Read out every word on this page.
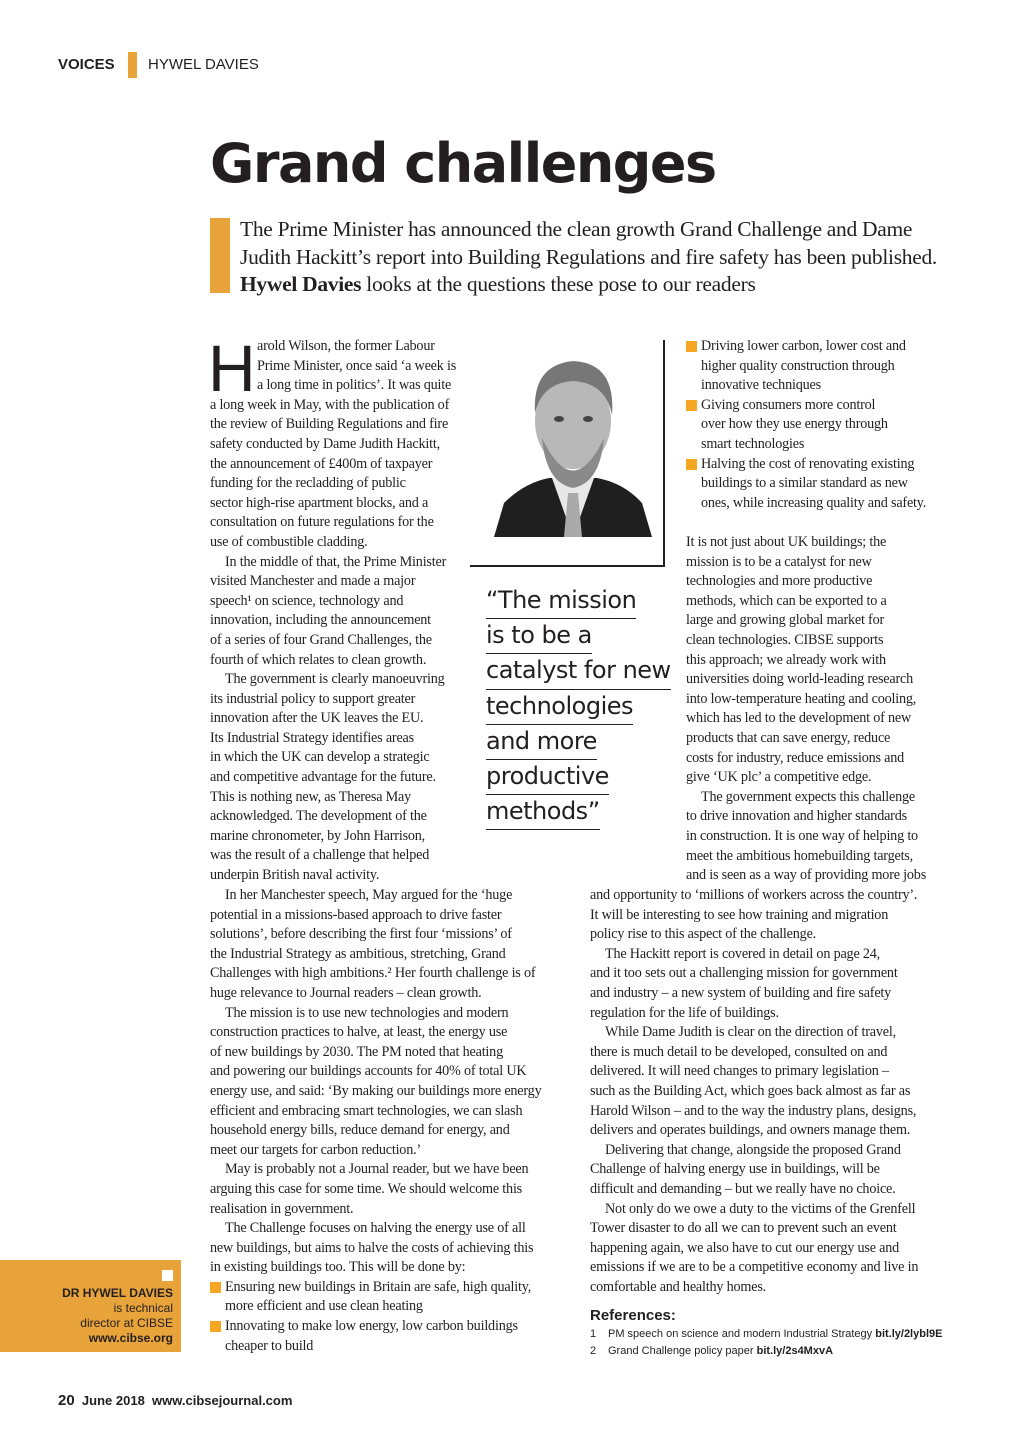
VOICES HYWEL DAVIES
Grand challenges
The Prime Minister has announced the clean growth Grand Challenge and Dame Judith Hackitt’s report into Building Regulations and fire safety has been published. Hywel Davies looks at the questions these pose to our readers
H arold Wilson, the former Labour
Prime Minister, once said ‘a week is
a long time in politics’. It was quite
a long week in May, with the publication of
the review of Building Regulations and fire
safety conducted by Dame Judith Hackitt,
the announcement of £400m of taxpayer
funding for the recladding of public
sector high-rise apartment blocks, and a
consultation on future regulations for the
use of combustible cladding.
In the middle of that, the Prime Minister
visited Manchester and made a major
speech¹ on science, technology and
innovation, including the announcement
of a series of four Grand Challenges, the
fourth of which relates to clean growth.
The government is clearly manoeuvring
its industrial policy to support greater
innovation after the UK leaves the EU.
Its Industrial Strategy identifies areas
in which the UK can develop a strategic
and competitive advantage for the future.
This is nothing new, as Theresa May
acknowledged. The development of the
marine chronometer, by John Harrison,
was the result of a challenge that helped
underpin British naval activity.
In her Manchester speech, May argued for the ‘huge
potential in a missions-based approach to drive faster
solutions’, before describing the first four ‘missions’ of
the Industrial Strategy as ambitious, stretching, Grand
Challenges with high ambitions.² Her fourth challenge is of
huge relevance to Journal readers – clean growth.
The mission is to use new technologies and modern
construction practices to halve, at least, the energy use
of new buildings by 2030. The PM noted that heating
and powering our buildings accounts for 40% of total UK
energy use, and said: ‘By making our buildings more energy
efficient and embracing smart technologies, we can slash
household energy bills, reduce demand for energy, and
meet our targets for carbon reduction.’
May is probably not a Journal reader, but we have been
arguing this case for some time. We should welcome this
realisation in government.
The Challenge focuses on halving the energy use of all
new buildings, but aims to halve the costs of achieving this
in existing buildings too. This will be done by:
Ensuring new buildings in Britain are safe, high quality,
more efficient and use clean heating
Innovating to make low energy, low carbon buildings
cheaper to build
Driving lower carbon, lower cost and
higher quality construction through
innovative techniques
Giving consumers more control
over how they use energy through
smart technologies
Halving the cost of renovating existing
buildings to a similar standard as new
ones, while increasing quality and safety.
It is not just about UK buildings; the
mission is to be a catalyst for new
technologies and more productive
methods, which can be exported to a
large and growing global market for
clean technologies. CIBSE supports
this approach; we already work with
universities doing world-leading research
into low-temperature heating and cooling,
which has led to the development of new
products that can save energy, reduce
costs for industry, reduce emissions and
give ‘UK plc’ a competitive edge.
The government expects this challenge
to drive innovation and higher standards
in construction. It is one way of helping to
meet the ambitious homebuilding targets,
and is seen as a way of providing more jobs
and opportunity to ‘millions of workers across the country’.
It will be interesting to see how training and migration
policy rise to this aspect of the challenge.
The Hackitt report is covered in detail on page 24,
and it too sets out a challenging mission for government
and industry – a new system of building and fire safety
regulation for the life of buildings.
While Dame Judith is clear on the direction of travel,
there is much detail to be developed, consulted on and
delivered. It will need changes to primary legislation –
such as the Building Act, which goes back almost as far as
Harold Wilson – and to the way the industry plans, designs,
delivers and operates buildings, and owners manage them.
Delivering that change, alongside the proposed Grand
Challenge of halving energy use in buildings, will be
difficult and demanding – but we really have no choice.
Not only do we owe a duty to the victims of the Grenfell
Tower disaster to do all we can to prevent such an event
happening again, we also have to cut our energy use and
emissions if we are to be a competitive economy and live in
comfortable and healthy homes.
“The mission
is to be a
catalyst for new
technologies
and more
productive
methods”
References:
1 PM speech on science and modern Industrial Strategy bit.ly/2lybl9E
2 Grand Challenge policy paper bit.ly/2s4MxvA
DR HYWEL DAVIES
is technical
director at CIBSE
www.cibse.org
20 June 2018 www.cibsejournal.com
